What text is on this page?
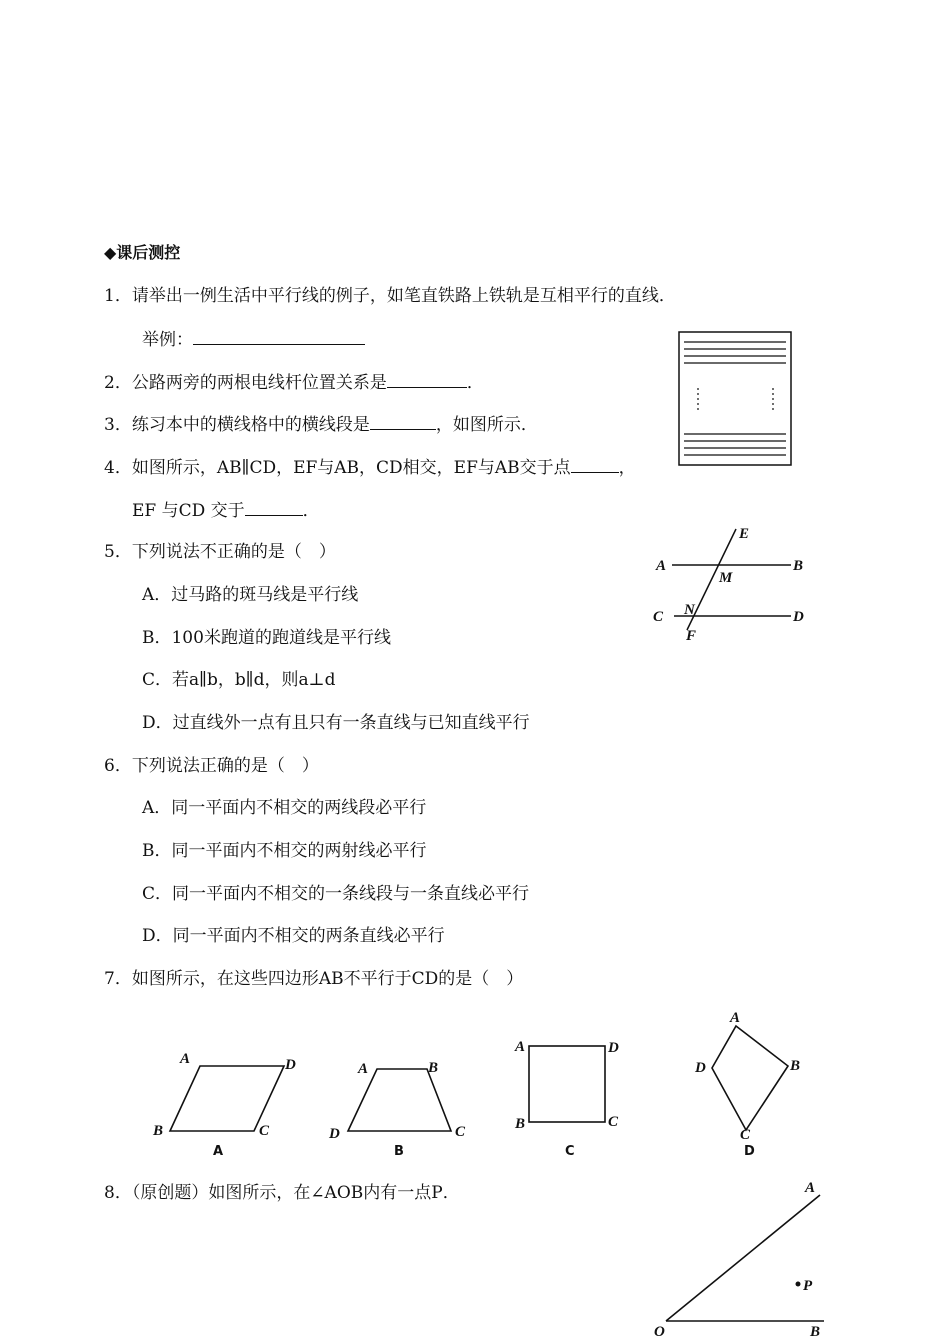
◆课后测控
1．请举出一例生活中平行线的例子，如笔直铁路上铁轨是互相平行的直线．
举例：
2．公路两旁的两根电线杆位置关系是	．
3．练习本中的横线格中的横线段是	，如图所示．
4．如图所示，AB∥CD，EF与AB，CD相交，EF与AB交于点	，
EF 与CD 交于	．
5．下列说法不正确的是（　）
A．过马路的斑马线是平行线
B．100米跑道的跑道线是平行线
C．若a∥b，b∥d，则a⊥d
D．过直线外一点有且只有一条直线与已知直线平行
6．下列说法正确的是（　）
A．同一平面内不相交的两线段必平行
B．同一平面内不相交的两射线必平行
C．同一平面内不相交的一条线段与一条直线必平行
D．同一平面内不相交的两条直线必平行
7．如图所示，在这些四边形AB不平行于CD的是（　）
8．（原创题）如图所示，在∠AOB内有一点P．
A	B
C	D
E
F
M
N
A	D
B	C
A
A	B
D	C
B
A	D
B	C
C
A
B
C
D
D
A
O	B
P
